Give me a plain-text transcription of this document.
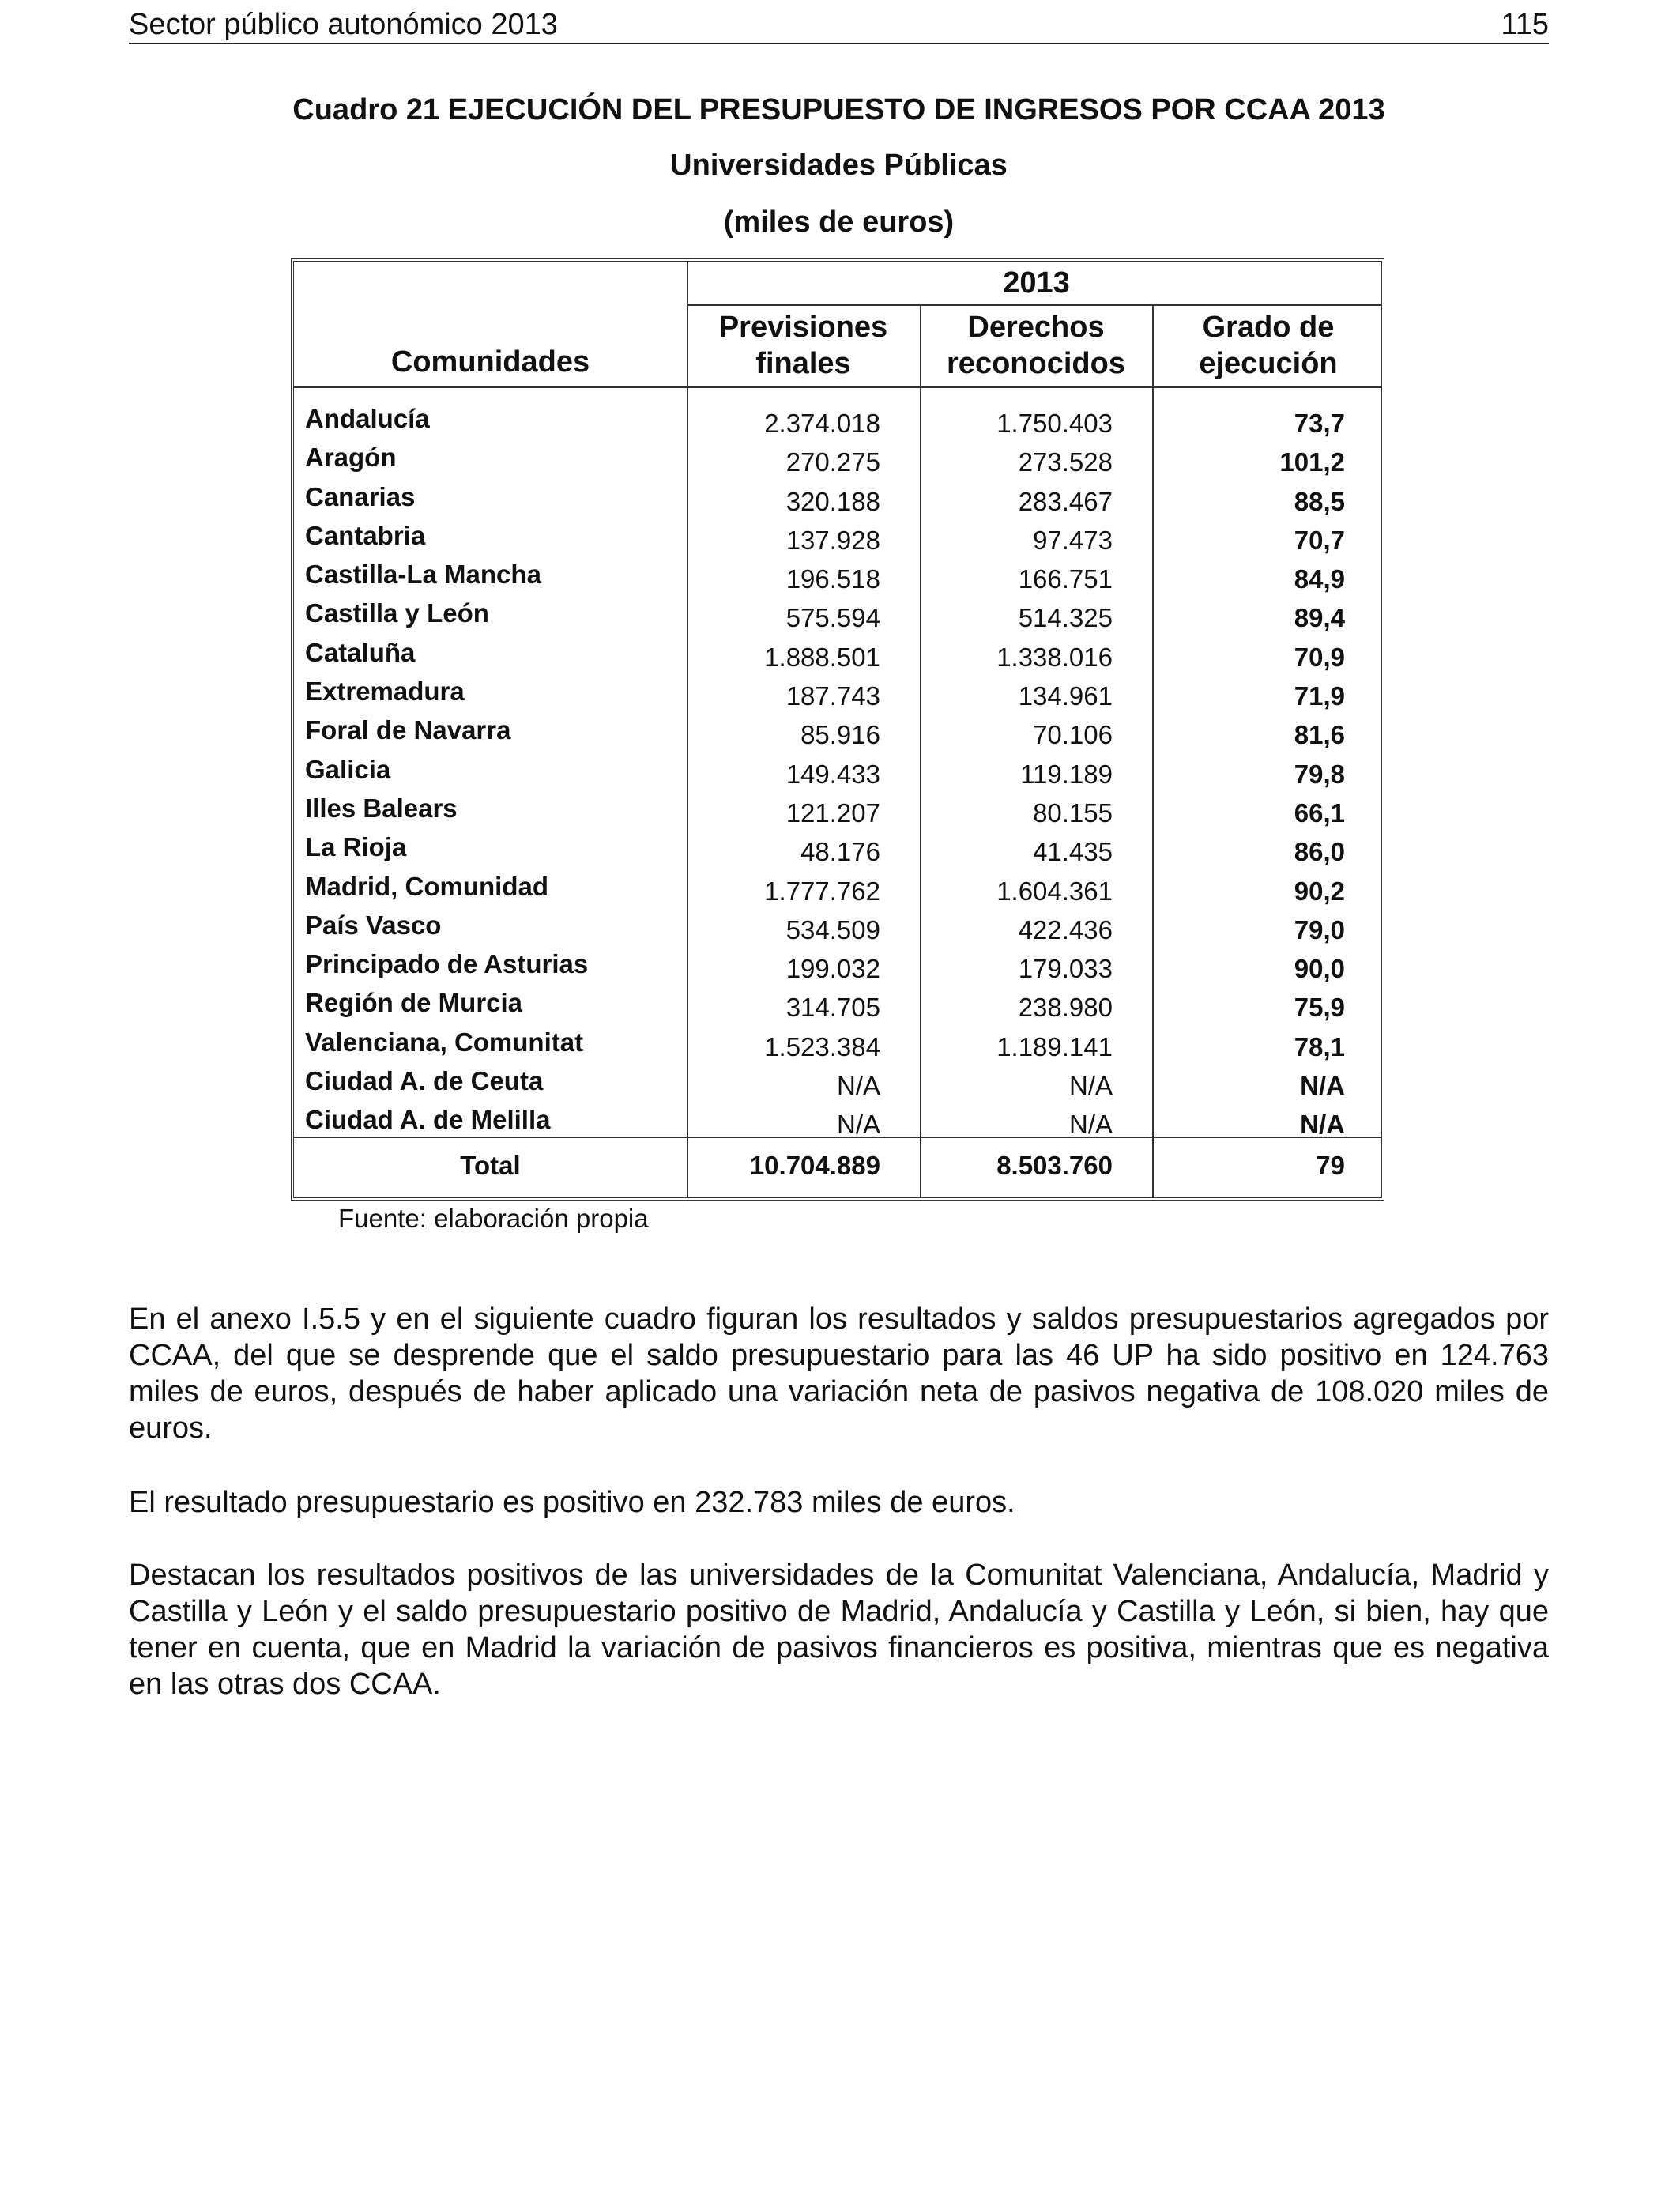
Sector público autonómico 2013	115
Cuadro 21 EJECUCIÓN DEL PRESUPUESTO DE INGRESOS POR CCAA 2013
Universidades Públicas
(miles de euros)
2013
Comunidades
Previsiones finales
Derechos reconocidos
Grado de ejecución
Andalucía	2.374.018	1.750.403	73,7
Aragón	270.275	273.528	101,2
Canarias	320.188	283.467	88,5
Cantabria	137.928	97.473	70,7
Castilla-La Mancha	196.518	166.751	84,9
Castilla y León	575.594	514.325	89,4
Cataluña	1.888.501	1.338.016	70,9
Extremadura	187.743	134.961	71,9
Foral de Navarra	85.916	70.106	81,6
Galicia	149.433	119.189	79,8
Illes Balears	121.207	80.155	66,1
La Rioja	48.176	41.435	86,0
Madrid, Comunidad	1.777.762	1.604.361	90,2
País Vasco	534.509	422.436	79,0
Principado de Asturias	199.032	179.033	90,0
Región de Murcia	314.705	238.980	75,9
Valenciana, Comunitat	1.523.384	1.189.141	78,1
Ciudad A. de Ceuta	N/A	N/A	N/A
Ciudad A. de Melilla	N/A	N/A	N/A
Total	10.704.889	8.503.760	79
Fuente: elaboración propia

En el anexo I.5.5 y en el siguiente cuadro figuran los resultados y saldos presupuestarios agregados por CCAA, del que se desprende que el saldo presupuestario para las 46 UP ha sido positivo en 124.763 miles de euros, después de haber aplicado una variación neta de pasivos negativa de 108.020 miles de euros.

El resultado presupuestario es positivo en 232.783 miles de euros.

Destacan los resultados positivos de las universidades de la Comunitat Valenciana, Andalucía, Madrid y Castilla y León y el saldo presupuestario positivo de Madrid, Andalucía y Castilla y León, si bien, hay que tener en cuenta, que en Madrid la variación de pasivos financieros es positiva, mientras que es negativa en las otras dos CCAA.
